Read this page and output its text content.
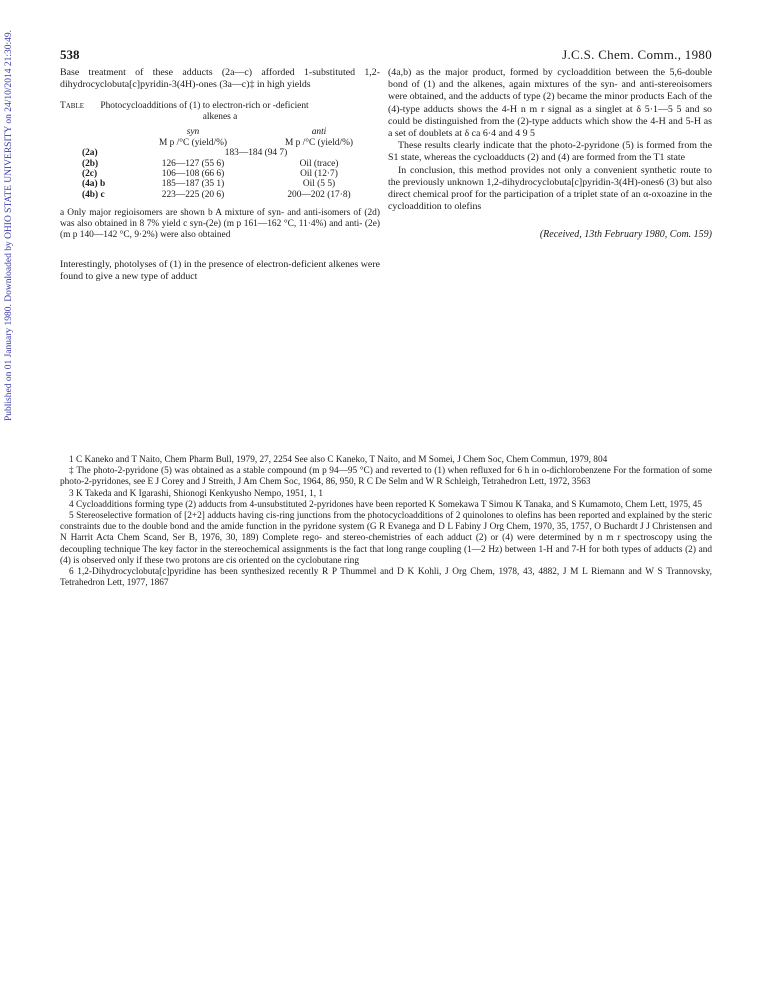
Published on 01 January 1980. Downloaded by OHIO STATE UNIVERSITY on 24/10/2014 21:30:49.	538	J.C.S. Chem. Comm., 1980

Base treatment of these adducts (2a—c) afforded 1-substituted 1,2-dihydrocyclobuta[c]pyridin-3(4H)-ones (3a—c)‡ in high yields

Table Photocycloadditions of (1) to electron-rich or -deficient
alkenes a
	syn	anti
	M p /°C (yield/%)	M p /°C (yield/%)
(2a)	183—184 (94 7)	
(2b)	126—127 (55 6)	Oil (trace)
(2c)	106—108 (66 6)	Oil (12·7)
(4a) b	185—187 (35 1)	Oil (5 5)
(4b) c	223—225 (20 6)	200—202 (17·8)

a Only major regioisomers are shown b A mixture of syn- and anti-isomers of (2d) was also obtained in 8 7% yield c syn-(2e) (m p 161—162 °C, 11·4%) and anti- (2e) (m p 140—142 °C, 9·2%) were also obtained

Interestingly, photolyses of (1) in the presence of electron-deficient alkenes were found to give a new type of adduct

(4a,b) as the major product, formed by cycloaddition between the 5,6-double bond of (1) and the alkenes, again mixtures of the syn- and anti-stereoisomers were obtained, and the adducts of type (2) became the minor products Each of the (4)-type adducts shows the 4-H n m r signal as a singlet at δ 5·1—5 5 and so could be distinguished from the (2)-type adducts which show the 4-H and 5-H as a set of doublets at δ ca 6·4 and 4 9 5

These results clearly indicate that the photo-2-pyridone (5) is formed from the S1 state, whereas the cycloadducts (2) and (4) are formed from the T1 state

In conclusion, this method provides not only a convenient synthetic route to the previously unknown 1,2-dihydrocyclobuta[c]pyridin-3(4H)-ones6 (3) but also direct chemical proof for the participation of a triplet state of an α-oxoazine in the cycloaddition to olefins

(Received, 13th February 1980, Com. 159)

1 C Kaneko and T Naito, Chem Pharm Bull, 1979, 27, 2254 See also C Kaneko, T Naito, and M Somei, J Chem Soc, Chem Commun, 1979, 804

‡ The photo-2-pyridone (5) was obtained as a stable compound (m p 94—95 °C) and reverted to (1) when refluxed for 6 h in o-dichlorobenzene For the formation of some photo-2-pyridones, see E J Corey and J Streith, J Am Chem Soc, 1964, 86, 950, R C De Selm and W R Schleigh, Tetrahedron Lett, 1972, 3563

3 K Takeda and K Igarashi, Shionogi Kenkyusho Nempo, 1951, 1, 1

4 Cycloadditions forming type (2) adducts from 4-unsubstituted 2-pyridones have been reported K Somekawa T Simou K Tanaka, and S Kumamoto, Chem Lett, 1975, 45

5 Stereoselective formation of [2+2] adducts having cis-ring junctions from the photocycloadditions of 2 quinolones to olefins has been reported and explained by the steric constraints due to the double bond and the amide function in the pyridone system (G R Evanega and D L Fabiny J Org Chem, 1970, 35, 1757, O Buchardt J J Christensen and N Harrit Acta Chem Scand, Ser B, 1976, 30, 189) Complete rego- and stereo-chemistries of each adduct (2) or (4) were determined by n m r spectroscopy using the decoupling technique The key factor in the stereochemical assignments is the fact that long range coupling (1—2 Hz) between 1-H and 7-H for both types of adducts (2) and (4) is observed only if these two protons are cis oriented on the cyclobutane ring

6 1,2-Dihydrocyclobuta[c]pyridine has been synthesized recently R P Thummel and D K Kohli, J Org Chem, 1978, 43, 4882, J M L Riemann and W S Trannovsky, Tetrahedron Lett, 1977, 1867
